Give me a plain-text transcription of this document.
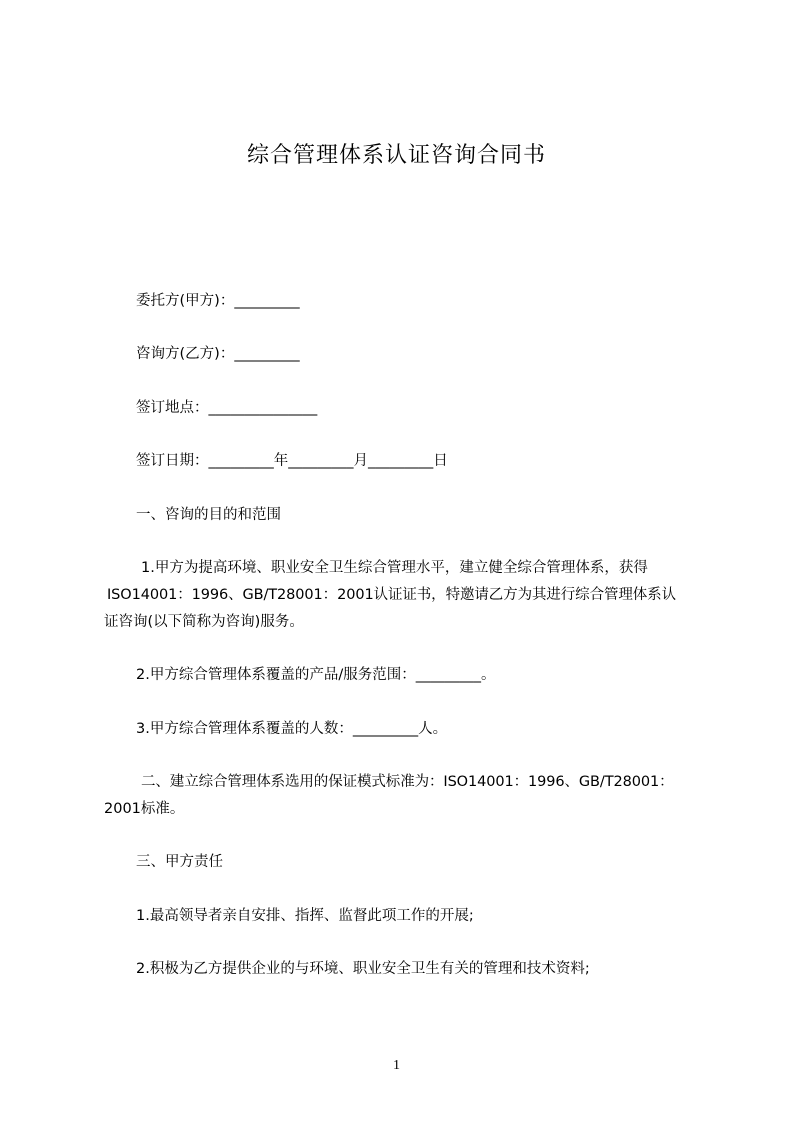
综合管理体系认证咨询合同书
委托方(甲方)：_________
咨询方(乙方)：_________
签订地点：_______________
签订日期：_________年_________月_________日
一、咨询的目的和范围
1.甲方为提高环境、职业安全卫生综合管理水平，建立健全综合管理体系，获得
ISO14001：1996、GB/T28001：2001认证证书，特邀请乙方为其进行综合管理体系认
证咨询(以下简称为咨询)服务。
2.甲方综合管理体系覆盖的产品/服务范围：_________。
3.甲方综合管理体系覆盖的人数：_________人。
二、建立综合管理体系选用的保证模式标准为：ISO14001：1996、GB/T28001：
2001标准。
三、甲方责任
1.最高领导者亲自安排、指挥、监督此项工作的开展;
2.积极为乙方提供企业的与环境、职业安全卫生有关的管理和技术资料;
1
